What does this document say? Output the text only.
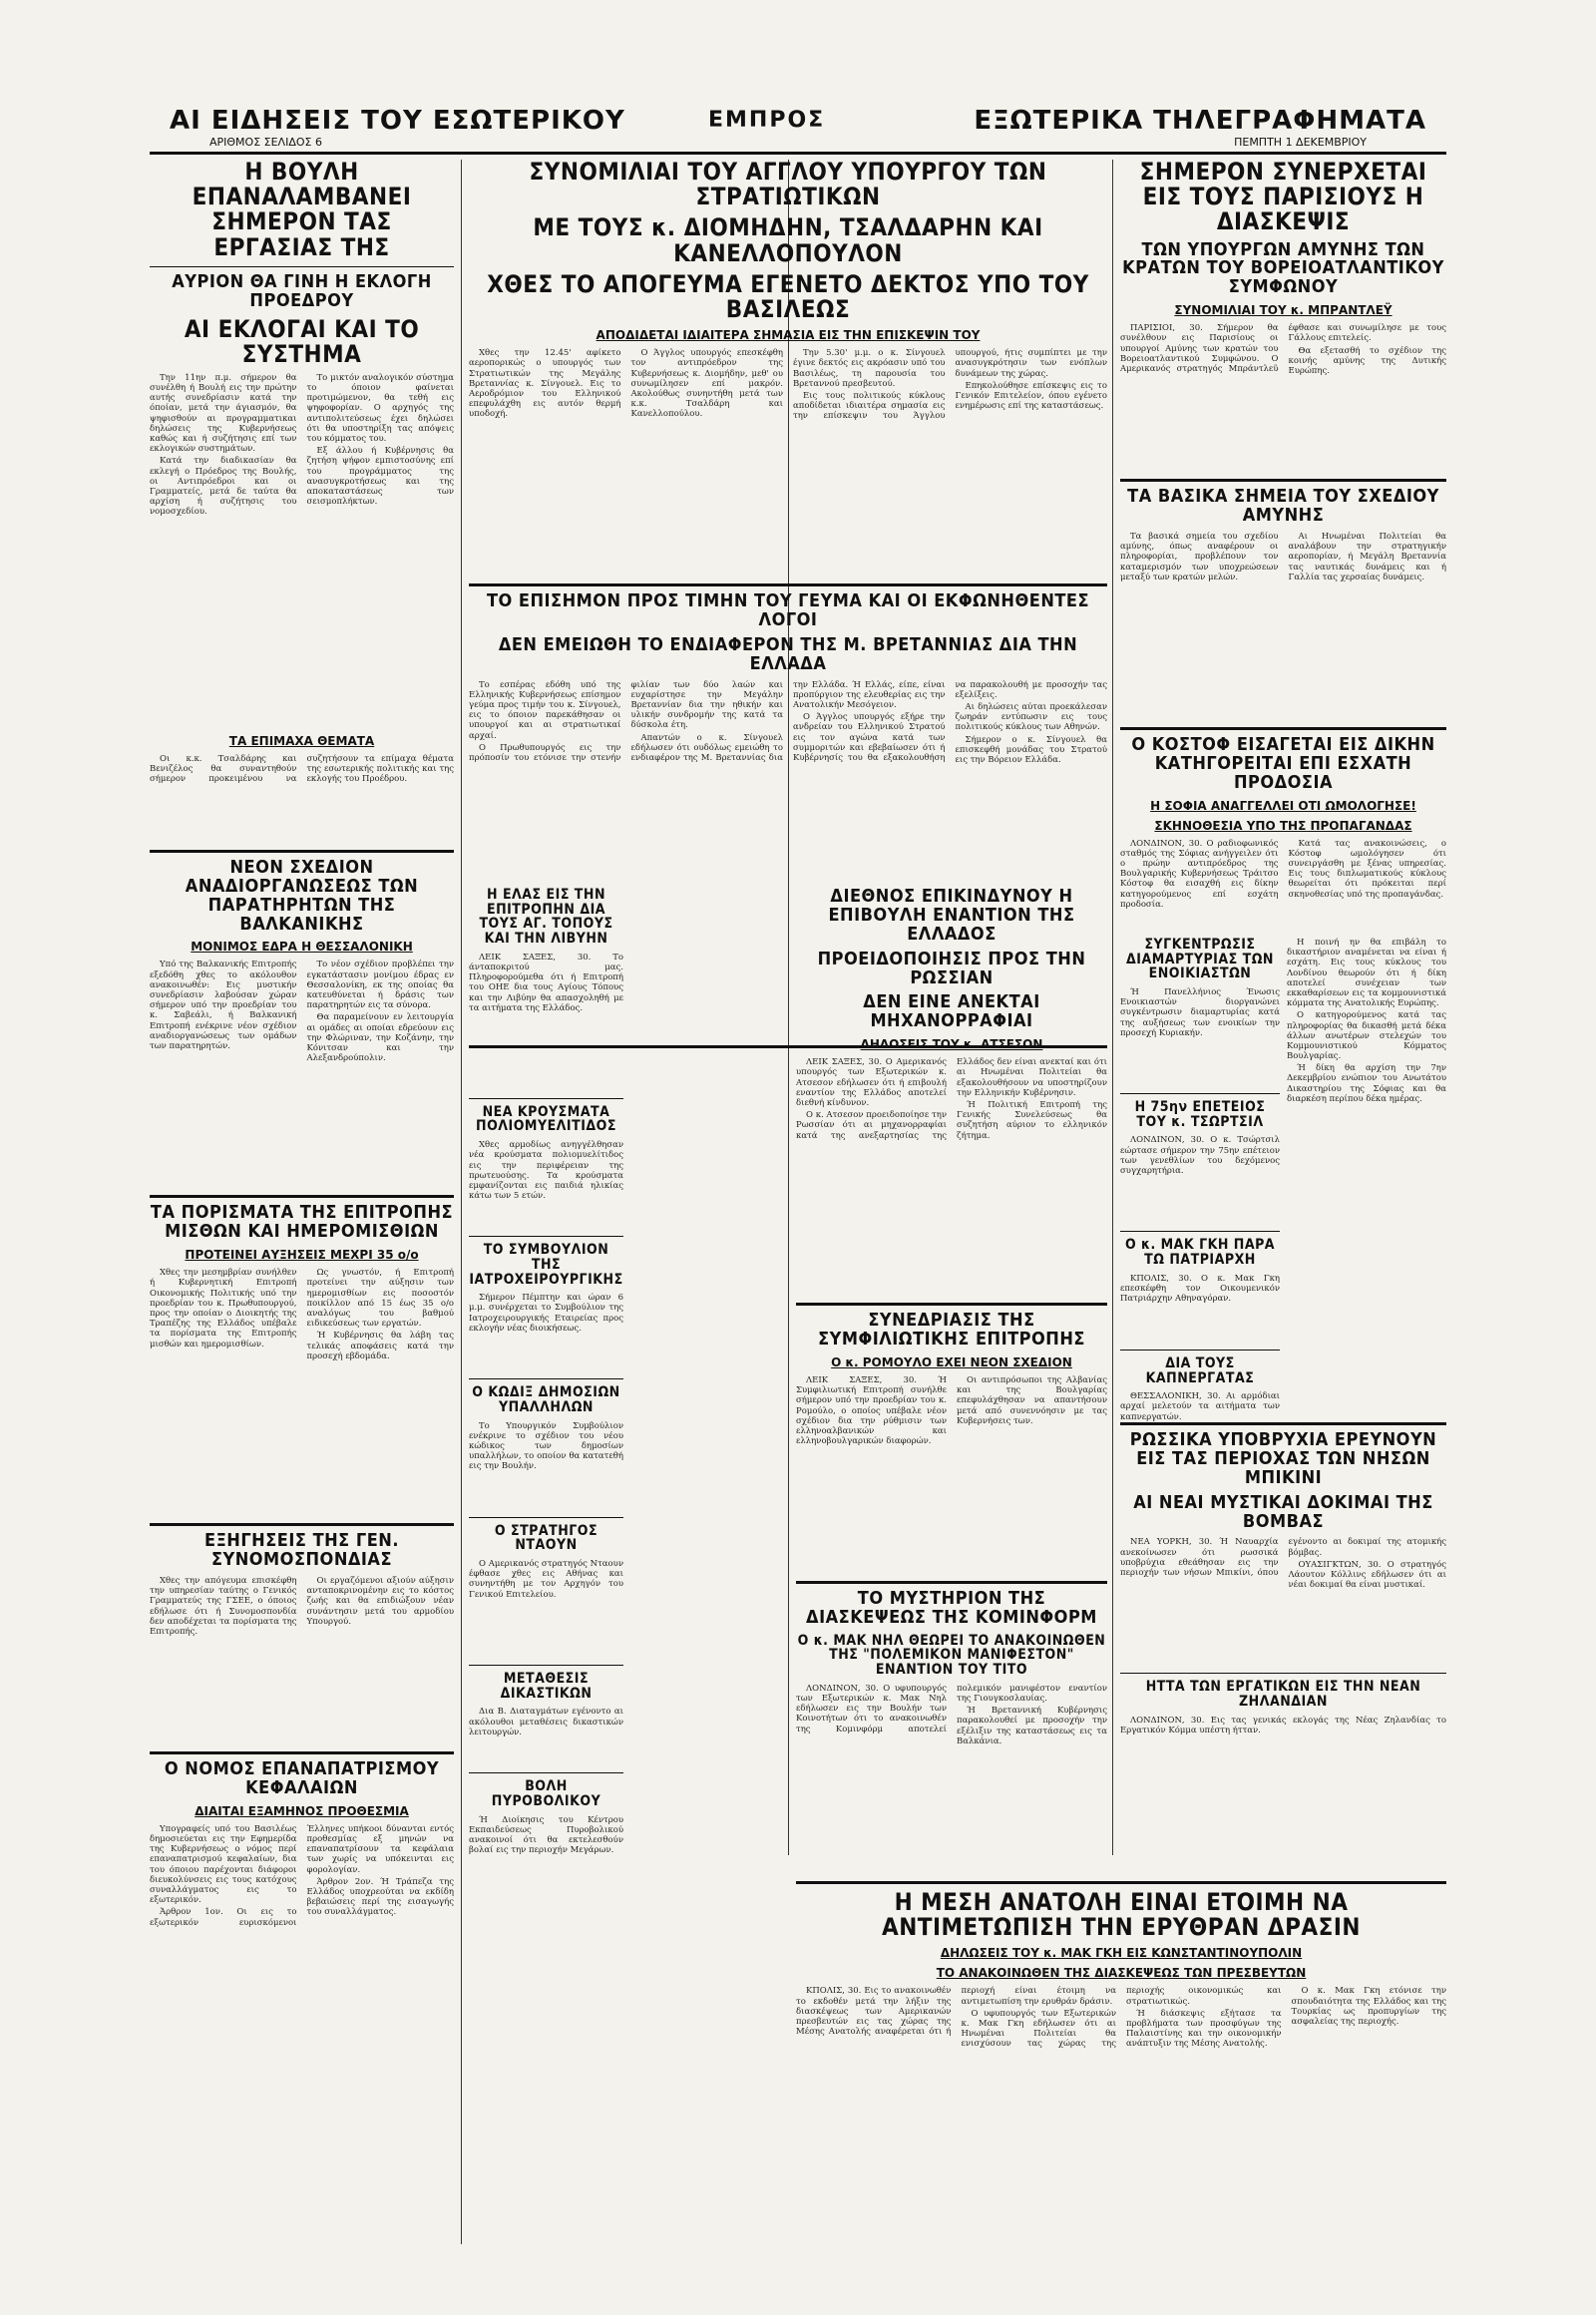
ΑΙ ΕΙΔΗΣΕΙΣ ΤΟΥ ΕΣΩΤΕΡΙΚΟΥ
ΑΡΙΘΜΟΣ ΣΕΛΙΔΟΣ 6
ΕΜΠΡΟΣ	ΕΞΩΤΕΡΙΚΑ ΤΗΛΕΓΡΑΦΗΜΑΤΑ
ΠΕΜΠΤΗ 1 ΔΕΚΕΜΒΡΙΟΥ
Η ΒΟΥΛΗ ΕΠΑΝΑΛΑΜΒΑΝΕΙ ΣΗΜΕΡΟΝ ΤΑΣ ΕΡΓΑΣΙΑΣ ΤΗΣ
ΑΥΡΙΟΝ ΘΑ ΓΙΝΗ Η ΕΚΛΟΓΗ ΠΡΟΕΔΡΟΥ
ΑΙ ΕΚΛΟΓΑΙ ΚΑΙ ΤΟ ΣΥΣΤΗΜΑ

Την 11ην π.μ. σήμερον θα συνέλθη ή Βουλή εις την πρώτην αυτής συνεδρίασιν κατά την όποίαν, μετά την άγιασμόν, θα ψηφισθούν αι προγραμματικαι δηλώσεις της Κυβερνήσεως καθώς και ή συζήτησις επί των εκλογικών συστημάτων.

Κατά την διαδικασίαν θα εκλεγή ο Πρόεδρος της Βουλής, οι Αντιπρόεδροι και οι Γραμματείς, μετά δε ταύτα θα αρχίση ή συζήτησις του νομοσχεδίου.

Το μικτόν αναλογικόν σύστημα το όποιον φαίνεται προτιμώμενον, θα τεθή εις ψηφοφορίαν. Ο αρχηγός της αντιπολιτεύσεως έχει δηλώσει ότι θα υποστηρίξη τας απόψεις του κόμματος του.

Εξ άλλου ή Κυβέρνησις θα ζητήση ψήφον εμπιστοσύνης επί του προγράμματος της ανασυγκροτήσεως και της αποκαταστάσεως των σεισμοπλήκτων.

ΤΑ ΕΠΙΜΑΧΑ ΘΕΜΑΤΑ

Οι κ.κ. Τσαλδάρης και Βενιζέλος θα συναντηθούν σήμερον προκειμένου να συζητήσουν τα επίμαχα θέματα της εσωτερικής πολιτικής και της εκλογής του Προέδρου.

ΝΕΟΝ ΣΧΕΔΙΟΝ ΑΝΑΔΙΟΡΓΑΝΩΣΕΩΣ ΤΩΝ ΠΑΡΑΤΗΡΗΤΩΝ ΤΗΣ ΒΑΛΚΑΝΙΚΗΣ
ΜΟΝΙΜΟΣ ΕΔΡΑ Η ΘΕΣΣΑΛΟΝΙΚΗ

Υπό της Βαλκανικής Επιτροπής εξεδόθη χθες το ακόλουθον ανακοινωθέν: Εις μυστικήν συνεδρίασιν λαβούσαν χώραν σήμερον υπό την προεδρίαν του κ. Σαβεάλι, ή Βαλκανική Επιτροπή ενέκρινε νέον σχέδιον αναδιοργανώσεως των ομάδων των παρατηρητών.

Το νέον σχέδιον προβλέπει την εγκατάστασιν μονίμου έδρας εν Θεσσαλονίκη, εκ της οποίας θα κατευθύνεται ή δράσις των παρατηρητών εις τα σύνορα.

Θα παραμείνουν εν λειτουργία αι ομάδες αι οποίαι εδρεύουν εις την Φλώριναν, την Κοζάνην, την Κόνιτσαν και την Αλεξανδρούπολιν.

ΤΑ ΠΟΡΙΣΜΑΤΑ ΤΗΣ ΕΠΙΤΡΟΠΗΣ ΜΙΣΘΩΝ ΚΑΙ ΗΜΕΡΟΜΙΣΘΙΩΝ
ΠΡΟΤΕΙΝΕΙ ΑΥΞΗΣΕΙΣ ΜΕΧΡΙ 35 ο/ο

Χθες την μεσημβρίαν συνήλθεν ή Κυβερνητική Επιτροπή Οικονομικής Πολιτικής υπό την προεδρίαν του κ. Πρωθυπουργού, προς την οποίαν ο Διοικητής της Τραπέζης της Ελλάδος υπέβαλε τα πορίσματα της Επιτροπής μισθών και ημερομισθίων.

Ως γνωστόν, ή Επιτροπή προτείνει την αύξησιν των ημερομισθίων εις ποσοστόν ποικίλλον από 15 έως 35 ο/ο αναλόγως του βαθμού ειδικεύσεως των εργατών.

Ή Κυβέρνησις θα λάβη τας τελικάς αποφάσεις κατά την προσεχή εβδομάδα.

ΕΞΗΓΗΣΕΙΣ ΤΗΣ ΓΕΝ. ΣΥΝΟΜΟΣΠΟΝΔΙΑΣ

Χθες την απόγευμα επισκέφθη την υπηρεσίαν ταύτης ο Γενικός Γραμματεύς της ΓΣΕΕ, ο όποιος εδήλωσε ότι ή Συνομοσπονδία δεν αποδέχεται τα πορίσματα της Επιτροπής.

Οι εργαζόμενοι αξιούν αύξησιν ανταποκρινομένην εις το κόστος ζωής και θα επιδιώξουν νέαν συνάντησιν μετά του αρμοδίου Υπουργού.

Ο ΝΟΜΟΣ ΕΠΑΝΑΠΑΤΡΙΣΜΟΥ ΚΕΦΑΛΑΙΩΝ
ΔΙΑΙΤΑΙ ΕΞΑΜΗΝΟΣ ΠΡΟΘΕΣΜΙΑ

Υπογραφείς υπό του Βασιλέως δημοσιεύεται εις την Εφημερίδα της Κυβερνήσεως ο νόμος περί επαναπατρισμού κεφαλαίων, δια του όποιου παρέχονται διάφοροι διευκολύνσεις εις τους κατόχους συναλλάγματος εις το εξωτερικόν.

Άρθρον 1ον. Οι εις το εξωτερικόν ευρισκόμενοι Έλληνες υπήκοοι δύνανται εντός προθεσμίας εξ μηνών να επαναπατρίσουν τα κεφάλαια των χωρίς να υπόκεινται εις φορολογίαν.

Άρθρον 2ον. Ή Τράπεζα της Ελλάδος υποχρεούται να εκδίδη βεβαιώσεις περί της εισαγωγής του συναλλάγματος.

ΣΥΝΟΜΙΛΙΑΙ ΤΟΥ ΑΓΓΛΟΥ ΥΠΟΥΡΓΟΥ ΤΩΝ ΣΤΡΑΤΙΩΤΙΚΩΝ
ΜΕ ΤΟΥΣ κ. ΔΙΟΜΗΔΗΝ, ΤΣΑΛΔΑΡΗΝ ΚΑΙ ΚΑΝΕΛΛΟΠΟΥΛΟΝ
ΧΘΕΣ ΤΟ ΑΠΟΓΕΥΜΑ ΕΓΕΝΕΤΟ ΔΕΚΤΟΣ ΥΠΟ ΤΟΥ ΒΑΣΙΛΕΩΣ
ΑΠΟΔΙΔΕΤΑΙ ΙΔΙΑΙΤΕΡΑ ΣΗΜΑΣΙΑ ΕΙΣ ΤΗΝ ΕΠΙΣΚΕΨΙΝ ΤΟΥ

Χθες την 12.45' αφίκετο αεροπορικώς ο υπουργός των Στρατιωτικών της Μεγάλης Βρεταννίας κ. Σίνγουελ. Εις το Αεροδρόμιον του Ελληνικού επεφυλάχθη εις αυτόν θερμή υποδοχή.

Ο Άγγλος υπουργός επεσκέφθη τον αντιπρόεδρον της Κυβερνήσεως κ. Διομήδην, μεθ' ου συνωμίλησεν επί μακρόν. Ακολούθως συνηντήθη μετά των κ.κ. Τσαλδάρη και Κανελλοπούλου.

Την 5.30' μ.μ. ο κ. Σίνγουελ έγινε δεκτός εις ακρόασιν υπό του Βασιλέως, τη παρουσία του Βρεταννού πρεσβευτού.

Εις τους πολιτικούς κύκλους αποδίδεται ιδιαιτέρα σημασία εις την επίσκεψιν του Άγγλου υπουργού, ήτις συμπίπτει με την ανασυγκρότησιν των ενόπλων δυνάμεων της χώρας.

Επηκολούθησε επίσκεψις εις το Γενικόν Επιτελείον, όπου εγένετο ενημέρωσις επί της καταστάσεως.

ΤΟ ΕΠΙΣΗΜΟΝ ΠΡΟΣ ΤΙΜΗΝ ΤΟΥ ΓΕΥΜΑ ΚΑΙ ΟΙ ΕΚΦΩΝΗΘΕΝΤΕΣ ΛΟΓΟΙ
ΔΕΝ ΕΜΕΙΩΘΗ ΤΟ ΕΝΔΙΑΦΕΡΟΝ ΤΗΣ Μ. ΒΡΕΤΑΝΝΙΑΣ ΔΙΑ ΤΗΝ ΕΛΛΑΔΑ

Το εσπέρας εδόθη υπό της Ελληνικής Κυβερνήσεως επίσημον γεύμα προς τιμήν του κ. Σίνγουελ, εις το όποιον παρεκάθησαν οι υπουργοί και αι στρατιωτικαί αρχαί.

Ο Πρωθυπουργός εις την πρόποσίν του ετόνισε την στενήν φιλίαν των δύο λαών και ευχαρίστησε την Μεγάλην Βρεταννίαν δια την ηθικήν και υλικήν συνδρομήν της κατά τα δύσκολα έτη.

Απαντών ο κ. Σίνγουελ εδήλωσεν ότι ουδόλως εμειώθη το ενδιαφέρον της Μ. Βρεταννίας δια την Ελλάδα. Ή Ελλάς, είπε, είναι προπύργιον της ελευθερίας εις την Ανατολικήν Μεσόγειον.

Ο Άγγλος υπουργός εξήρε την ανδρείαν του Ελληνικού Στρατού εις τον αγώνα κατά των συμμοριτών και εβεβαίωσεν ότι ή Κυβέρνησίς του θα εξακολουθήση να παρακολουθή με προσοχήν τας εξελίξεις.

Αι δηλώσεις αύται προεκάλεσαν ζωηράν εντύπωσιν εις τους πολιτικούς κύκλους των Αθηνών.

Σήμερον ο κ. Σίνγουελ θα επισκεφθή μονάδας του Στρατού εις την Βόρειον Ελλάδα.

Η ΕΛΑΣ ΕΙΣ ΤΗΝ ΕΠΙΤΡΟΠΗΝ ΔΙΑ ΤΟΥΣ ΑΓ. ΤΟΠΟΥΣ ΚΑΙ ΤΗΝ ΛΙΒΥΗΝ

ΛΕΙΚ ΣΑΞΕΣ, 30. Το άνταποκριτού μας. Πληροφορούμεθα ότι ή Επιτροπή του ΟΗΕ δια τους Αγίους Τόπους και την Λιβύην θα απασχοληθή με τα αιτήματα της Ελλάδος.

ΝΕΑ ΚΡΟΥΣΜΑΤΑ ΠΟΛΙΟΜΥΕΛΙΤΙΔΟΣ

Χθες αρμοδίως ανηγγέλθησαν νέα κρούσματα πολιομυελίτιδος εις την περιφέρειαν της πρωτευούσης. Τα κρούσματα εμφανίζονται εις παιδιά ηλικίας κάτω των 5 ετών.

ΤΟ ΣΥΜΒΟΥΛΙΟΝ ΤΗΣ ΙΑΤΡΟΧΕΙΡΟΥΡΓΙΚΗΣ

Σήμερον Πέμπτην και ώραν 6 μ.μ. συνέρχεται το Συμβούλιον της Ιατροχειρουργικής Εταιρείας προς εκλογήν νέας διοικήσεως.

Ο ΚΩΔΙΞ ΔΗΜΟΣΙΩΝ ΥΠΑΛΛΗΛΩΝ

Το Υπουργικόν Συμβούλιον ενέκρινε το σχέδιον του νέου κώδικος των δημοσίων υπαλλήλων, το οποίον θα κατατεθή εις την Βουλήν.

Ο ΣΤΡΑΤΗΓΟΣ ΝΤΑΟΥΝ

Ο Αμερικανός στρατηγός Νταουν έφθασε χθες εις Αθήνας και συνηντήθη με τον Αρχηγόν του Γενικού Επιτελείου.

ΜΕΤΑΘΕΣΙΣ ΔΙΚΑΣΤΙΚΩΝ

Δια Β. Διαταγμάτων εγένοντο αι ακόλουθοι μεταθέσεις δικαστικών λειτουργών.

ΒΟΛΗ ΠΥΡΟΒΟΛΙΚΟΥ

Ή Διοίκησις του Κέντρου Εκπαιδεύσεως Πυροβολικού ανακοινοί ότι θα εκτελεσθούν βολαί εις την περιοχήν Μεγάρων.

ΔΙΕΘΝΟΣ ΕΠΙΚΙΝΔΥΝΟΥ Η ΕΠΙΒΟΥΛΗ ΕΝΑΝΤΙΟΝ ΤΗΣ ΕΛΛΑΔΟΣ
ΠΡΟΕΙΔΟΠΟΙΗΣΙΣ ΠΡΟΣ ΤΗΝ ΡΩΣΣΙΑΝ
ΔΕΝ ΕΙΝΕ ΑΝΕΚΤΑΙ ΜΗΧΑΝΟΡΡΑΦΙΑΙ
ΔΗΛΩΣΕΙΣ ΤΟΥ κ. ΑΤΣΕΣΟΝ

ΛΕΙΚ ΣΑΞΕΣ, 30. Ο Αμερικανός υπουργός των Εξωτερικών κ. Ατσεσον εδήλωσεν ότι ή επιβουλή εναντίον της Ελλάδος αποτελεί διεθνή κίνδυνον.

Ο κ. Ατσεσον προειδοποίησε την Ρωσσίαν ότι αι μηχανορραφίαι κατά της ανεξαρτησίας της Ελλάδος δεν είναι ανεκταί και ότι αι Ηνωμέναι Πολιτείαι θα εξακολουθήσουν να υποστηρίζουν την Ελληνικήν Κυβέρνησιν.

Ή Πολιτική Επιτροπή της Γενικής Συνελεύσεως θα συζητήση αύριον το ελληνικόν ζήτημα.

ΣΥΝΕΔΡΙΑΣΙΣ ΤΗΣ ΣΥΜΦΙΛΙΩΤΙΚΗΣ ΕΠΙΤΡΟΠΗΣ
Ο κ. ΡΟΜΟΥΛΟ ΕΧΕΙ ΝΕΟΝ ΣΧΕΔΙΟΝ

ΛΕΙΚ ΣΑΞΕΣ, 30. Ή Συμφιλιωτική Επιτροπή συνήλθε σήμερον υπό την προεδρίαν του κ. Ρομούλο, ο οποίος υπέβαλε νέον σχέδιον δια την ρύθμισιν των ελληνοαλβανικών και ελληνοβουλγαρικών διαφορών.

Οι αντιπρόσωποι της Αλβανίας και της Βουλγαρίας επεφυλάχθησαν να απαντήσουν μετά από συνεννόησιν με τας Κυβερνήσεις των.

ΤΟ ΜΥΣΤΗΡΙΟΝ ΤΗΣ ΔΙΑΣΚΕΨΕΩΣ ΤΗΣ ΚΟΜΙΝΦΟΡΜ
Ο κ. ΜΑΚ ΝΗΛ ΘΕΩΡΕΙ ΤΟ ΑΝΑΚΟΙΝΩΘΕΝ ΤΗΣ "ΠΟΛΕΜΙΚΟΝ ΜΑΝΙΦΕΣΤΟΝ" ΕΝΑΝΤΙΟΝ ΤΟΥ ΤΙΤΟ

ΛΟΝΔΙΝΟΝ, 30. Ο υφυπουργός των Εξωτερικών κ. Μακ Νηλ εδήλωσεν εις την Βουλήν των Κοινοτήτων ότι το ανακοινωθέν της Κομινφόρμ αποτελεί πολεμικόν μανιφέστον εναντίον της Γιουγκοσλαυίας.

Ή Βρεταννική Κυβέρνησις παρακολουθεί με προσοχήν την εξέλιξιν της καταστάσεως εις τα Βαλκάνια.

ΣΗΜΕΡΟΝ ΣΥΝΕΡΧΕΤΑΙ ΕΙΣ ΤΟΥΣ ΠΑΡΙΣΙΟΥΣ Η ΔΙΑΣΚΕΨΙΣ
ΤΩΝ ΥΠΟΥΡΓΩΝ ΑΜΥΝΗΣ ΤΩΝ ΚΡΑΤΩΝ ΤΟΥ ΒΟΡΕΙΟΑΤΛΑΝΤΙΚΟΥ ΣΥΜΦΩΝΟΥ
ΣΥΝΟΜΙΛΙΑΙ ΤΟΥ κ. ΜΠΡΑΝΤΛΕΫ

ΠΑΡΙΣΙΟΙ, 30. Σήμερον θα συνέλθουν εις Παρισίους οι υπουργοί Αμύνης των κρατών του Βορειοατλαντικού Συμφώνου. Ο Αμερικανός στρατηγός Μπράντλεϋ έφθασε και συνωμίλησε με τους Γάλλους επιτελείς.

Θα εξετασθή το σχέδιον της κοινής αμύνης της Δυτικής Ευρώπης.

ΤΑ ΒΑΣΙΚΑ ΣΗΜΕΙΑ ΤΟΥ ΣΧΕΔΙΟΥ ΑΜΥΝΗΣ

Τα βασικά σημεία του σχεδίου αμύνης, όπως αναφέρουν οι πληροφορίαι, προβλέπουν τον καταμερισμόν των υποχρεώσεων μεταξύ των κρατών μελών.

Αι Ηνωμέναι Πολιτείαι θα αναλάβουν την στρατηγικήν αεροπορίαν, ή Μεγάλη Βρεταννία τας ναυτικάς δυνάμεις και ή Γαλλία τας χερσαίας δυνάμεις.

Ο ΚΟΣΤΟΦ ΕΙΣΑΓΕΤΑΙ ΕΙΣ ΔΙΚΗΝ ΚΑΤΗΓΟΡΕΙΤΑΙ ΕΠΙ ΕΣΧΑΤΗ ΠΡΟΔΟΣΙΑ
Η ΣΟΦΙΑ ΑΝΑΓΓΕΛΛΕΙ ΟΤΙ ΩΜΟΛΟΓΗΣΕ!
ΣΚΗΝΟΘΕΣΙΑ ΥΠΟ ΤΗΣ ΠΡΟΠΑΓΑΝΔΑΣ

ΛΟΝΔΙΝΟΝ, 30. Ο ραδιοφωνικός σταθμός της Σόφιας ανήγγειλεν ότι ο πρώην αντιπρόεδρος της Βουλγαρικής Κυβερνήσεως Τράιτσο Κόστοφ θα εισαχθή εις δίκην κατηγορούμενος επί εσχάτη προδοσία.

Κατά τας ανακοινώσεις, ο Κόστοφ ωμολόγησεν ότι συνειργάσθη με ξένας υπηρεσίας. Εις τους διπλωματικούς κύκλους θεωρείται ότι πρόκειται περί σκηνοθεσίας υπό της προπαγάνδας.

ΣΥΓΚΕΝΤΡΩΣΙΣ ΔΙΑΜΑΡΤΥΡΙΑΣ ΤΩΝ ΕΝΟΙΚΙΑΣΤΩΝ

Ή Πανελλήνιος Ένωσις Ενοικιαστών διοργανώνει συγκέντρωσιν διαμαρτυρίας κατά της αυξήσεως των ενοικίων την προσεχή Κυριακήν.

Η 75ην ΕΠΕΤΕΙΟΣ ΤΟΥ κ. ΤΣΩΡΤΣΙΛ

ΛΟΝΔΙΝΟΝ, 30. Ο κ. Τσώρτσιλ εώρτασε σήμερον την 75ην επέτειον των γενεθλίων του δεχόμενος συγχαρητήρια.

Ο κ. ΜΑΚ ΓΚΗ ΠΑΡΑ ΤΩ ΠΑΤΡΙΑΡΧΗ

ΚΠΟΛΙΣ, 30. Ο κ. Μακ Γκη επεσκέφθη τον Οικουμενικόν Πατριάρχην Αθηναγόραν.

ΔΙΑ ΤΟΥΣ ΚΑΠΝΕΡΓΑΤΑΣ

ΘΕΣΣΑΛΟΝΙΚΗ, 30. Αι αρμόδιαι αρχαί μελετούν τα αιτήματα των καπνεργατών.

Η ποινή ην θα επιβάλη το δικαστήριον αναμένεται να είναι ή εσχάτη. Εις τους κύκλους του Λονδίνου θεωρούν ότι ή δίκη αποτελεί συνέχειαν των εκκαθαρίσεων εις τα κομμουνιστικά κόμματα της Ανατολικής Ευρώπης.

Ο κατηγορούμενος κατά τας πληροφορίας θα δικασθή μετά δέκα άλλων ανωτέρων στελεχών του Κομμουνιστικού Κόμματος Βουλγαρίας.

Ή δίκη θα αρχίση την 7ην Δεκεμβρίου ενώπιον του Ανωτάτου Δικαστηρίου της Σόφιας και θα διαρκέση περίπου δέκα ημέρας.

ΡΩΣΣΙΚΑ ΥΠΟΒΡΥΧΙΑ ΕΡΕΥΝΟΥΝ ΕΙΣ ΤΑΣ ΠΕΡΙΟΧΑΣ ΤΩΝ ΝΗΣΩΝ ΜΠΙΚΙΝΙ
ΑΙ ΝΕΑΙ ΜΥΣΤΙΚΑΙ ΔΟΚΙΜΑΙ ΤΗΣ ΒΟΜΒΑΣ

ΝΕΑ ΥΟΡΚΗ, 30. Ή Ναυαρχία ανεκοίνωσεν ότι ρωσσικά υποβρύχια εθεάθησαν εις την περιοχήν των νήσων Μπικίνι, όπου εγένοντο αι δοκιμαί της ατομικής βόμβας.

ΟΥΑΣΙΓΚΤΩΝ, 30. Ο στρατηγός Λάουτον Κόλλινς εδήλωσεν ότι αι νέαι δοκιμαί θα είναι μυστικαί.

ΗΤΤΑ ΤΩΝ ΕΡΓΑΤΙΚΩΝ ΕΙΣ ΤΗΝ ΝΕΑΝ ΖΗΛΑΝΔΙΑΝ

ΛΟΝΔΙΝΟΝ, 30. Εις τας γενικάς εκλογάς της Νέας Ζηλανδίας το Εργατικόν Κόμμα υπέστη ήτταν.

Η ΜΕΣΗ ΑΝΑΤΟΛΗ ΕΙΝΑΙ ΕΤΟΙΜΗ ΝΑ ΑΝΤΙΜΕΤΩΠΙΣΗ ΤΗΝ ΕΡΥΘΡΑΝ ΔΡΑΣΙΝ
ΔΗΛΩΣΕΙΣ ΤΟΥ κ. ΜΑΚ ΓΚΗ ΕΙΣ ΚΩΝΣΤΑΝΤΙΝΟΥΠΟΛΙΝ
ΤΟ ΑΝΑΚΟΙΝΩΘΕΝ ΤΗΣ ΔΙΑΣΚΕΨΕΩΣ ΤΩΝ ΠΡΕΣΒΕΥΤΩΝ

ΚΠΟΛΙΣ, 30. Εις το ανακοινωθέν το εκδοθέν μετά την λήξιν της διασκέψεως των Αμερικανών πρεσβευτών εις τας χώρας της Μέσης Ανατολής αναφέρεται ότι ή περιοχή είναι έτοιμη να αντιμετωπίση την ερυθράν δράσιν.

Ο υφυπουργός των Εξωτερικών κ. Μακ Γκη εδήλωσεν ότι αι Ηνωμέναι Πολιτείαι θα ενισχύσουν τας χώρας της περιοχής οικονομικώς και στρατιωτικώς.

Ή διάσκεψις εξήτασε τα προβλήματα των προσφύγων της Παλαιστίνης και την οικονομικήν ανάπτυξιν της Μέσης Ανατολής.

Ο κ. Μακ Γκη ετόνισε την σπουδαιότητα της Ελλάδος και της Τουρκίας ως προπυργίων της ασφαλείας της περιοχής.
